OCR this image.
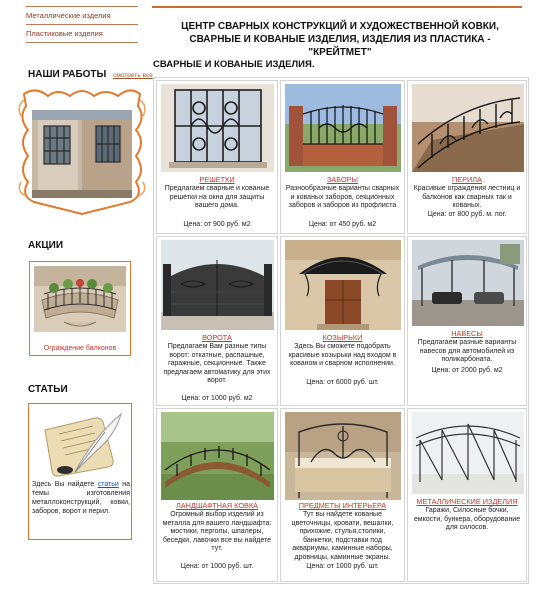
Металлические изделия
Пластиковые изделия
НАШИ РАБОТЫ смотреть все
АКЦИИ
Ограждение балконов
СТАТЬИ
Здесь Вы найдете статьи на темы изготовления металлоконструкций, ковки, заборов, ворот и перил.
ЦЕНТР СВАРНЫХ КОНСТРУКЦИЙ И ХУДОЖЕСТВЕННОЙ КОВКИ, СВАРНЫЕ И КОВАНЫЕ ИЗДЕЛИЯ, ИЗДЕЛИЯ ИЗ ПЛАСТИКА - "КРЕЙТМЕТ"
СВАРНЫЕ И КОВАНЫЕ ИЗДЕЛИЯ.
РЕШЕТКИ
Предлагаем сварные и кованые решетки на окна для защиты вашего дома.
Цена: от 900 руб. м2
ЗАБОРЫ
Разнообразные варианты сварных и кованых заборов, секционных заборов и заборов из профлиста
Цена: от 450 руб. м2
ПЕРИЛА
Красивые ограждения лестниц и балконов как сварных так и кованых.
Цена: от 800 руб. м. пог.
ВОРОТА
Предлагаем Вам разные типы ворот: откатные, распашные, гаражные, секционные. Также предлагаем автоматику для этих ворот.
Цена: от 1000 руб. м2
КОЗЫРЬКИ
Здесь Вы сможете подобрать красивые козырьки над входом в кованом и сварном исполнении.
Цена: от 6000 руб. шт.
НАВЕСЫ
Предлагаем разные варианты навесов для автомобилей из поликарбоната.
Цена: от 2000 руб. м2
ЛАНДШАФТНАЯ КОВКА
Огромный выбор изделий из металла для вашего ландшафта: мостики, перголы, шпалеры, беседки, лавочки все вы найдете тут.
Цена: от 1000 руб. шт.
ПРЕДМЕТЫ ИНТЕРЬЕРА
Тут вы найдете кованые цветочницы, кровати, вешалки, прихожие, стулья,столики, банкетки, подставки под аквариумы, каминные наборы, дровницы, каминные экраны.
Цена: от 1000 руб. шт.
МЕТАЛЛИЧЕСКИЕ ИЗДЕЛИЯ
Гаражи, Силосные бочки, емкости, бункера, оборудование для силосов.
